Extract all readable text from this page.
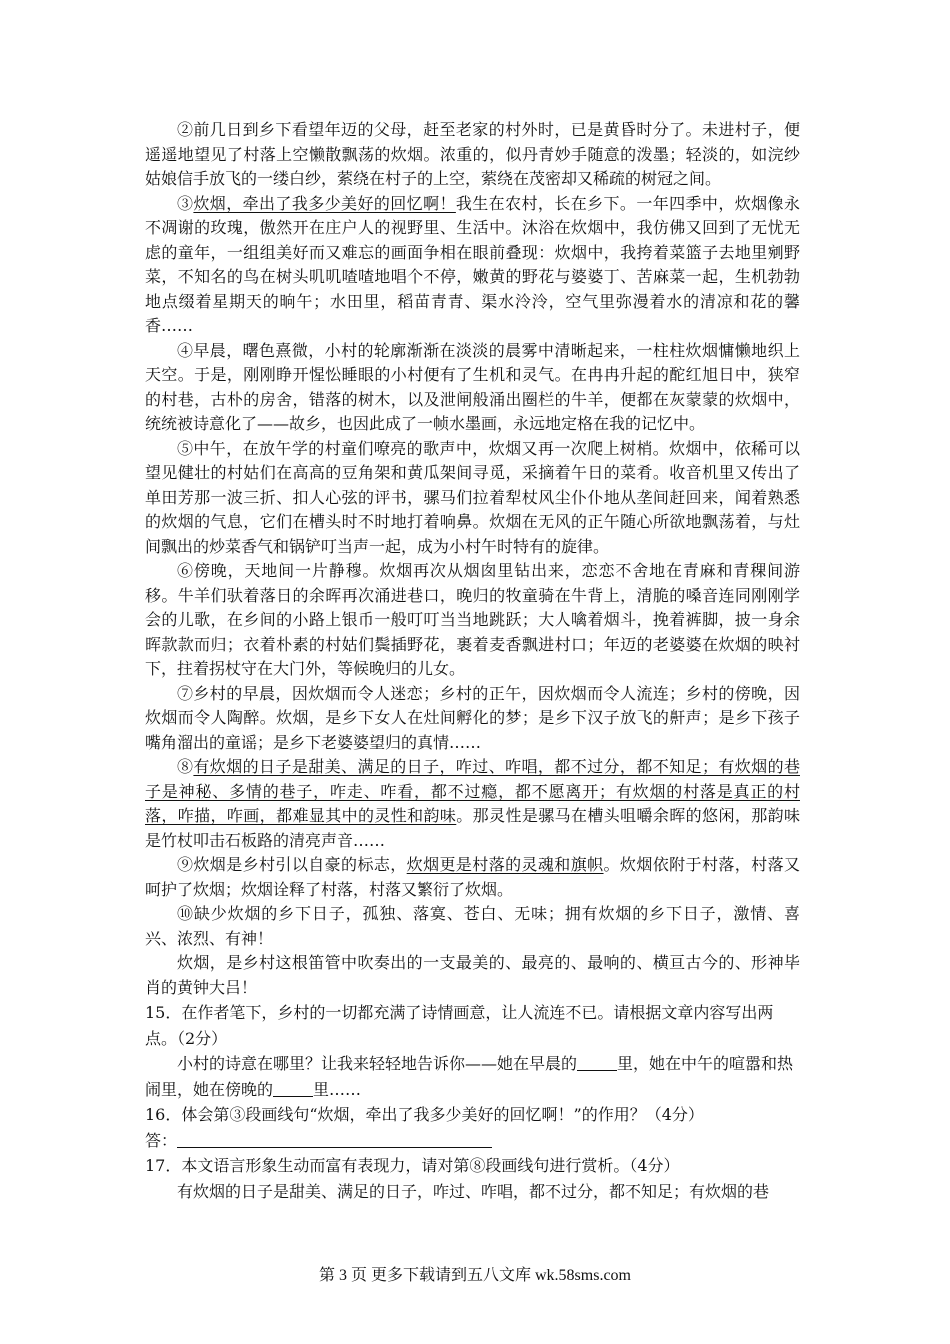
②前几日到乡下看望年迈的父母，赶至老家的村外时，已是黄昏时分了。未进村子，便遥遥地望见了村落上空懒散飘荡的炊烟。浓重的，似丹青妙手随意的泼墨；轻淡的，如浣纱姑娘信手放飞的一缕白纱，萦绕在村子的上空，萦绕在茂密却又稀疏的树冠之间。

③炊烟，牵出了我多少美好的回忆啊！我生在农村，长在乡下。一年四季中，炊烟像永不凋谢的玫瑰，傲然开在庄户人的视野里、生活中。沐浴在炊烟中，我仿佛又回到了无忧无虑的童年，一组组美好而又难忘的画面争相在眼前叠现：炊烟中，我挎着菜篮子去地里剜野菜，不知名的鸟在树头叽叽喳喳地唱个不停，嫩黄的野花与婆婆丁、苦麻菜一起，生机勃勃地点缀着星期天的晌午；水田里，稻苗青青、渠水泠泠，空气里弥漫着水的清凉和花的馨香……

④早晨，曙色熹微，小村的轮廓渐渐在淡淡的晨雾中清晰起来，一柱柱炊烟慵懒地织上天空。于是，刚刚睁开惺忪睡眼的小村便有了生机和灵气。在冉冉升起的酡红旭日中，狭窄的村巷，古朴的房舍，错落的树木，以及泄闸般涌出圈栏的牛羊，便都在灰蒙蒙的炊烟中，统统被诗意化了——故乡，也因此成了一帧水墨画，永远地定格在我的记忆中。

⑤中午，在放午学的村童们嘹亮的歌声中，炊烟又再一次爬上树梢。炊烟中，依稀可以望见健壮的村姑们在高高的豆角架和黄瓜架间寻觅，采摘着午日的菜肴。收音机里又传出了单田芳那一波三折、扣人心弦的评书，骡马们拉着犁杖风尘仆仆地从垄间赶回来，闻着熟悉的炊烟的气息，它们在槽头时不时地打着响鼻。炊烟在无风的正午随心所欲地飘荡着，与灶间飘出的炒菜香气和锅铲叮当声一起，成为小村午时特有的旋律。

⑥傍晚，天地间一片静穆。炊烟再次从烟囱里钻出来，恋恋不舍地在青麻和青稞间游移。牛羊们驮着落日的余晖再次涌进巷口，晚归的牧童骑在牛背上，清脆的嗓音连同刚刚学会的儿歌，在乡间的小路上银币一般叮叮当当地跳跃；大人噙着烟斗，挽着裤脚，披一身余晖款款而归；衣着朴素的村姑们鬓插野花，裹着麦香飘进村口；年迈的老婆婆在炊烟的映衬下，拄着拐杖守在大门外，等候晚归的儿女。

⑦乡村的早晨，因炊烟而令人迷恋；乡村的正午，因炊烟而令人流连；乡村的傍晚，因炊烟而令人陶醉。炊烟，是乡下女人在灶间孵化的梦；是乡下汉子放飞的鼾声；是乡下孩子嘴角溜出的童谣；是乡下老婆婆望归的真情……

⑧有炊烟的日子是甜美、满足的日子，咋过、咋唱，都不过分，都不知足；有炊烟的巷子是神秘、多情的巷子，咋走、咋看，都不过瘾，都不愿离开；有炊烟的村落是真正的村落，咋描，咋画，都难显其中的灵性和韵味。那灵性是骡马在槽头咀嚼余晖的悠闲，那韵味是竹杖叩击石板路的清亮声音……

⑨炊烟是乡村引以自豪的标志，炊烟更是村落的灵魂和旗帜。炊烟依附于村落，村落又呵护了炊烟；炊烟诠释了村落，村落又繁衍了炊烟。

⑩缺少炊烟的乡下日子，孤独、落寞、苍白、无味；拥有炊烟的乡下日子，激情、喜兴、浓烈、有神！

炊烟，是乡村这根笛管中吹奏出的一支最美的、最亮的、最响的、横亘古今的、形神毕肖的黄钟大吕！

15．在作者笔下，乡村的一切都充满了诗情画意，让人流连不已。请根据文章内容写出两点。（2分）

小村的诗意在哪里？让我来轻轻地告诉你——她在早晨的	里，她在中午的喧嚣和热闹里，她在傍晚的	里……

16．体会第③段画线句“炊烟，牵出了我多少美好的回忆啊！”的作用？（4分）

答：

17．本文语言形象生动而富有表现力，请对第⑧段画线句进行赏析。（4分）

有炊烟的日子是甜美、满足的日子，咋过、咋唱，都不过分，都不知足；有炊烟的巷

第 3 页 更多下载请到五八文库 wk.58sms.com
